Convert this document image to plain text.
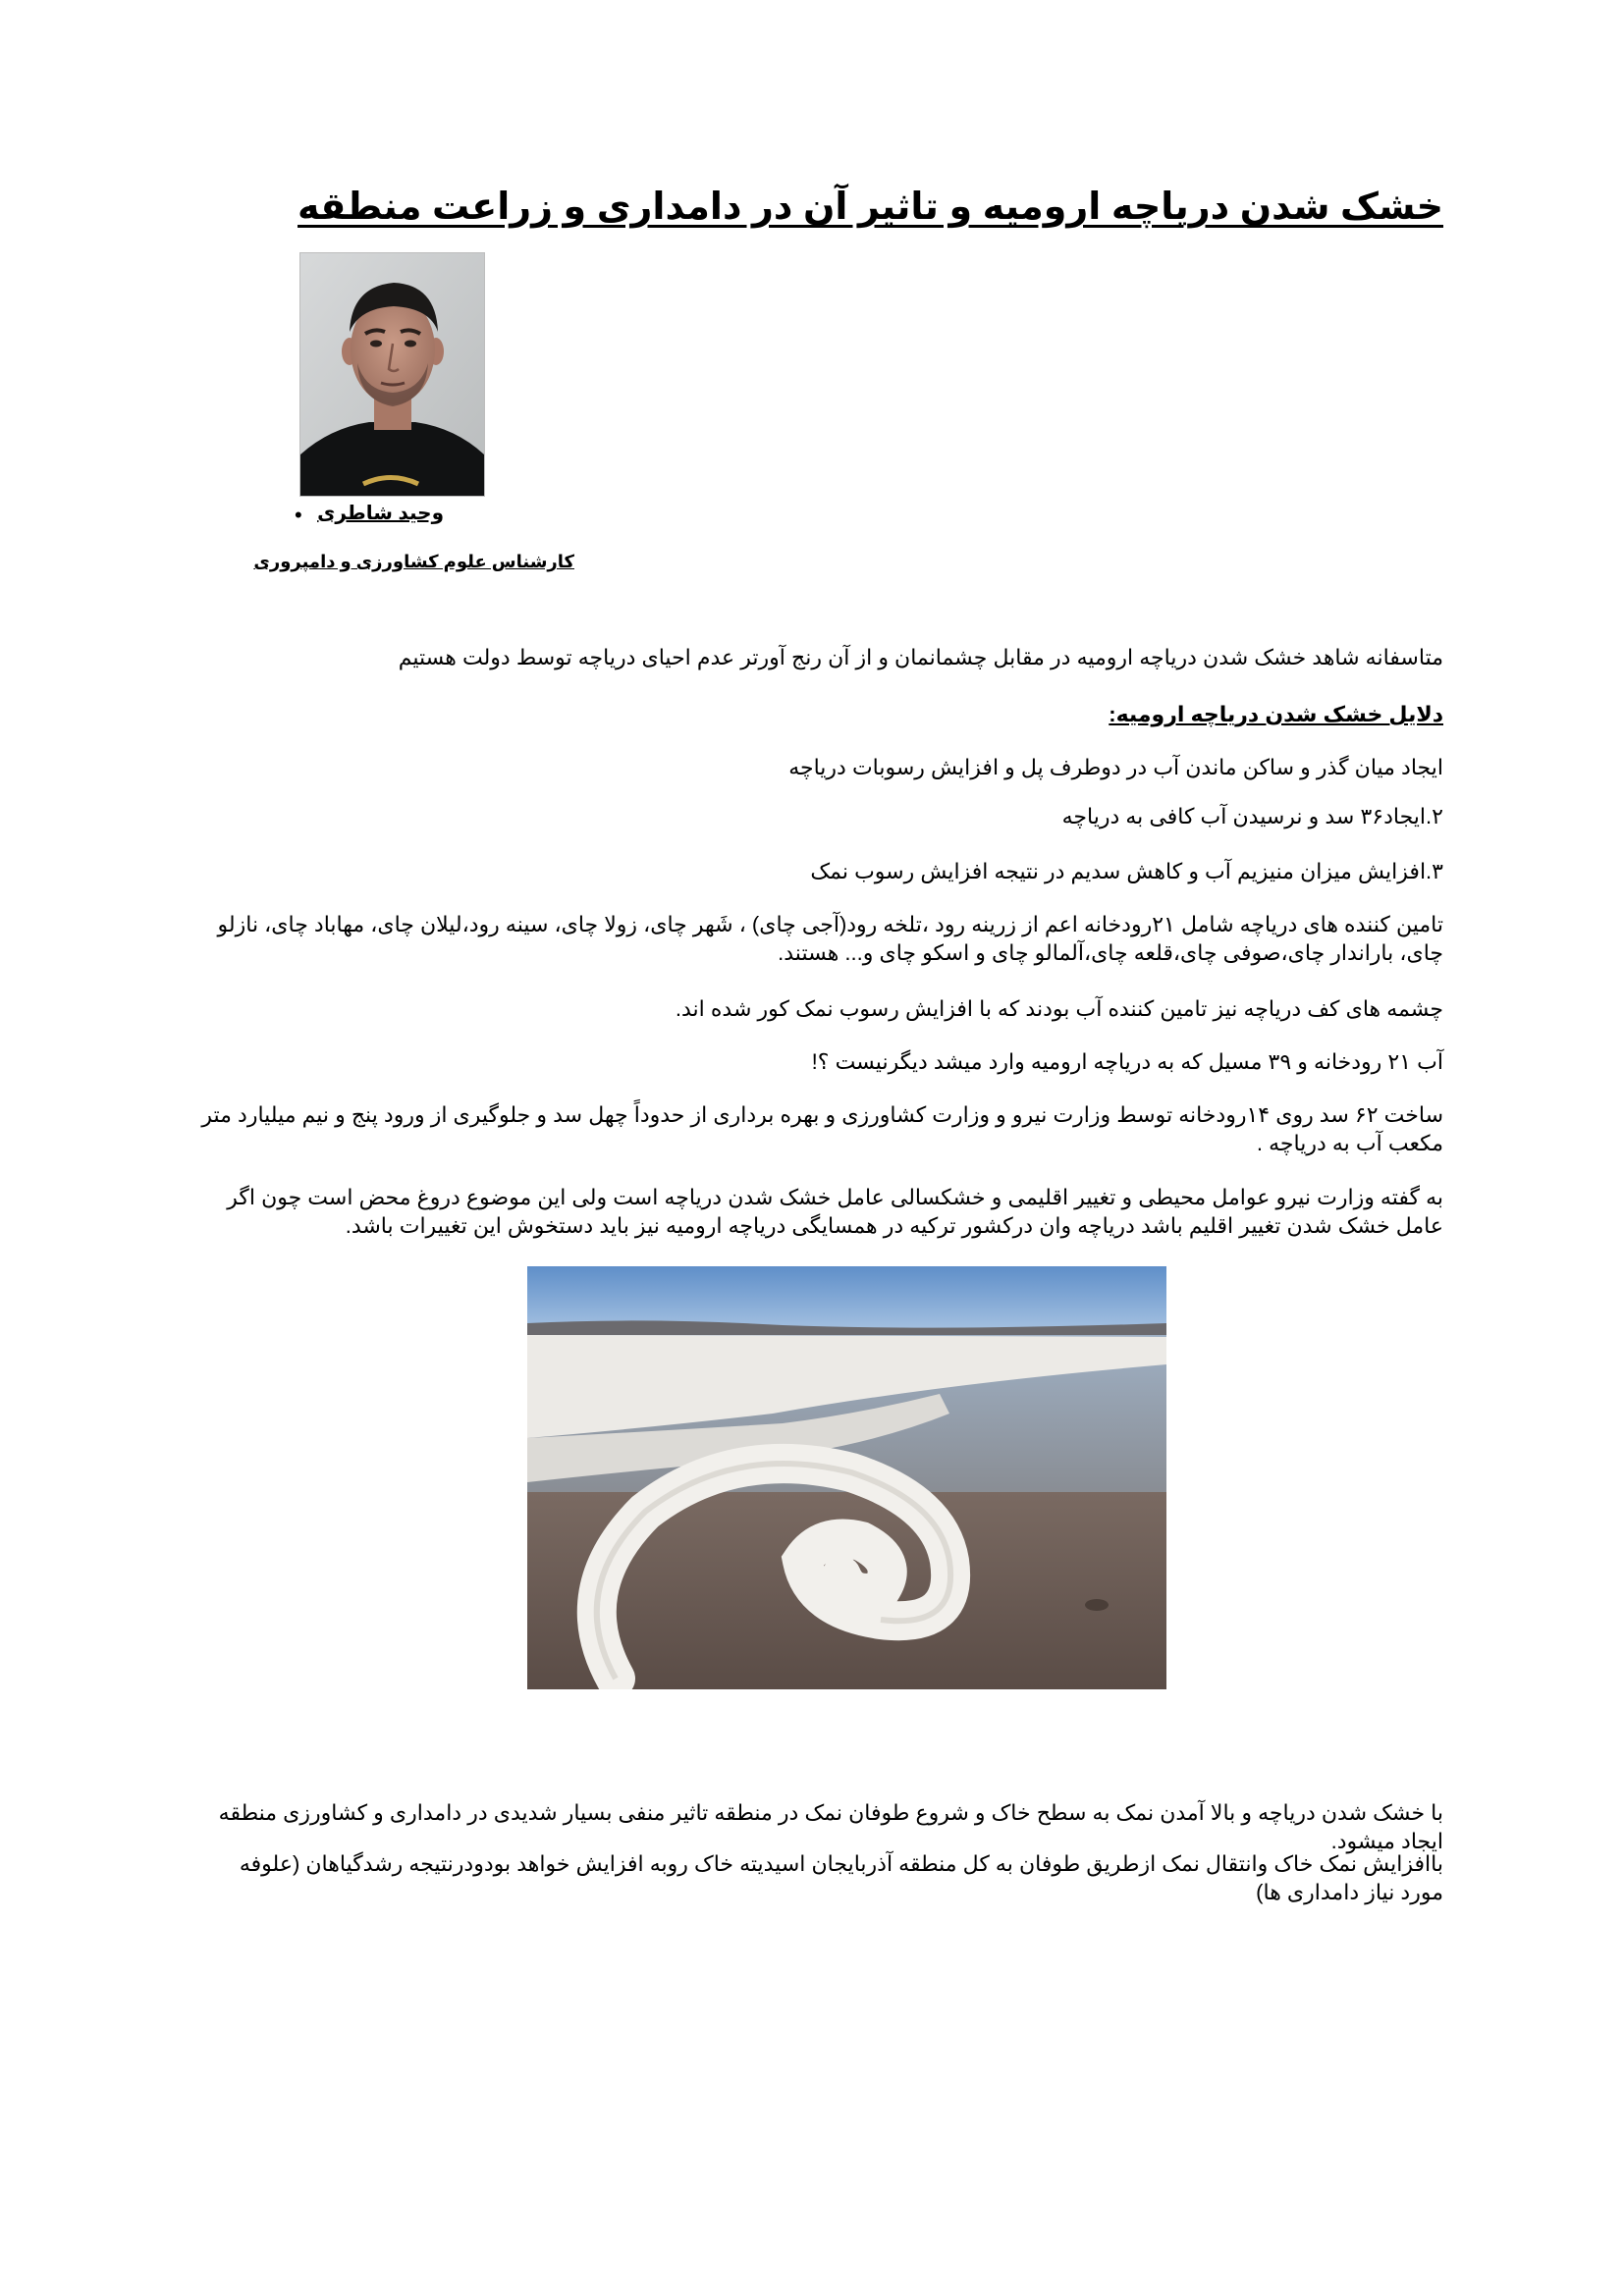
خشک شدن دریاچه ارومیه و تاثیر آن در دامداری و زراعت منطقه
• وحید شاطری
کارشناس علوم کشاورزی و دامپروری

متاسفانه شاهد خشک شدن دریاچه ارومیه در مقابل چشمانمان و از آن رنج آورتر عدم احیای دریاچه توسط دولت هستیم

دلایل خشک شدن دریاچه ارومیه:

ایجاد میان گذر و ساکن ماندن آب در دوطرف پل و افزایش رسوبات دریاچه

۲.ایجاد۳۶ سد و نرسیدن آب کافی به دریاچه

۳.افزایش میزان منیزیم آب و کاهش سدیم در نتیجه افزایش رسوب نمک

تامین کننده های دریاچه شامل ۲۱رودخانه اعم از زرینه رود ،تلخه رود(آجی چای) ، شَهر چای، زولا چای، سینه رود،لیلان چای، مهاباد چای، نازلو چای، باراندار چای،صوفی چای،قلعه چای،آلمالو چای و اسکو چای و... هستند.

چشمه های کف دریاچه نیز تامین کننده آب بودند که با افزایش رسوب نمک کور شده اند.

آب ۲۱ رودخانه و ۳۹ مسیل که به دریاچه ارومیه وارد میشد دیگرنیست ؟!

ساخت ۶۲ سد روی ۱۴رودخانه توسط وزارت نیرو و وزارت کشاورزی و بهره برداری از حدوداً چهل سد و جلوگیری از ورود پنج و نیم میلیارد متر مکعب آب به دریاچه .

به گفته وزارت نیرو عوامل محیطی و تغییر اقلیمی و خشکسالی عامل خشک شدن دریاچه است ولی این موضوع دروغ محض است چون اگر عامل خشک شدن تغییر اقلیم باشد دریاچه وان درکشور ترکیه در همسایگی دریاچه ارومیه نیز باید دستخوش این تغییرات باشد.

با خشک شدن دریاچه و بالا آمدن نمک به سطح خاک و شروع طوفان نمک در منطقه تاثیر منفی بسیار شدیدی در دامداری و کشاورزی منطقه ایجاد میشود.

باافزایش نمک خاک وانتقال نمک ازطریق طوفان به کل منطقه آذربایجان اسیدیته خاک روبه افزایش خواهد بودودرنتیجه رشدگیاهان (علوفه مورد نیاز دامداری ها)
